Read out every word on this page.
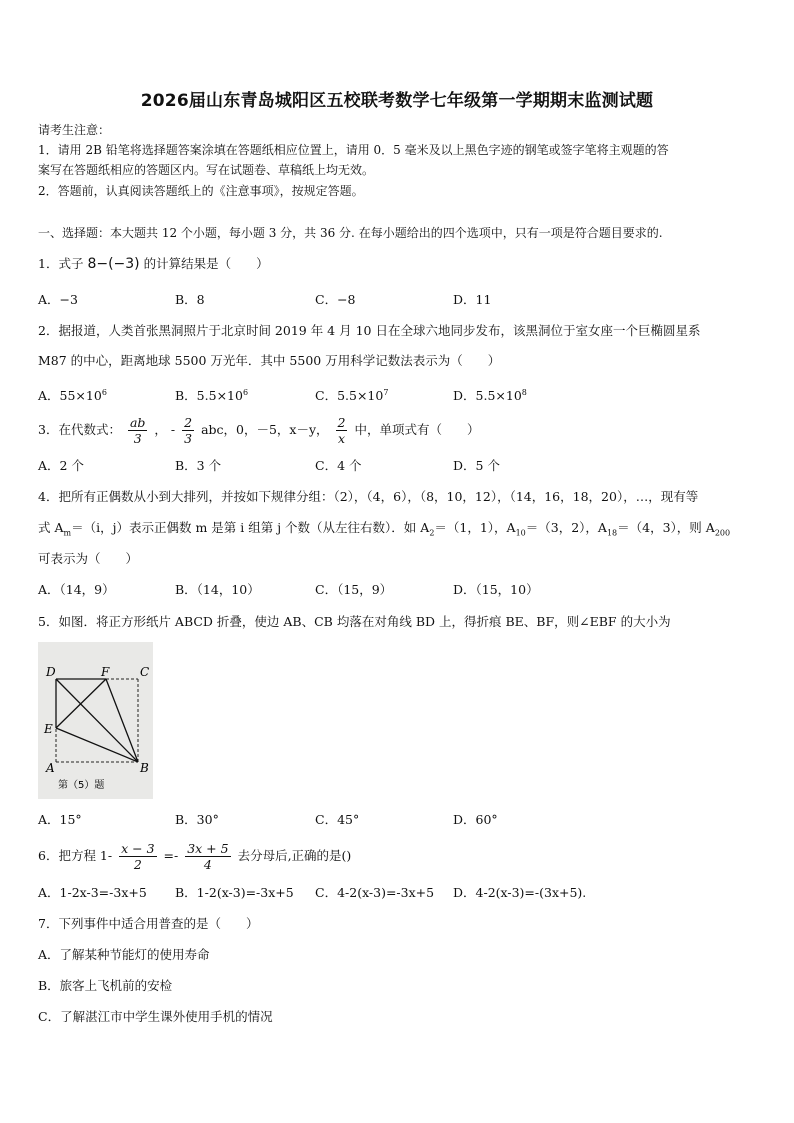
2026届山东青岛城阳区五校联考数学七年级第一学期期末监测试题
请考生注意：
1．请用 2B 铅笔将选择题答案涂填在答题纸相应位置上，请用 0．5 毫米及以上黑色字迹的钢笔或签字笔将主观题的答
案写在答题纸相应的答题区内。写在试题卷、草稿纸上均无效。
2．答题前，认真阅读答题纸上的《注意事项》，按规定答题。
一、选择题：本大题共 12 个小题，每小题 3 分，共 36 分. 在每小题给出的四个选项中，只有一项是符合题目要求的.
1．式子 8−(−3) 的计算结果是（　　）
A．−3	B．8	C．−8	D．11
2．据报道，人类首张黑洞照片于北京时间 2019 年 4 月 10 日在全球六地同步发布，该黑洞位于室女座一个巨椭圆星系
M87 的中心，距离地球 5500 万光年．其中 5500 万用科学记数法表示为（　　）
A．$55\times 10^6$	B．$5.5\times 10^6$	C．$5.5\times 10^7$	D．$5.5\times 10^8$
3．在代数式： $\frac{ab}{3}$ ， - $\frac{2}{3}$ abc，0，－5，x－y， $\frac{2}{x}$ 中，单项式有（　　）
A．2 个	B．3 个	C．4 个	D．5 个
4．把所有正偶数从小到大排列，并按如下规律分组：（2），（4，6），（8，10，12），（14，16，18，20），…，现有等
式 $A_m=(i$，j）表示正偶数 m 是第 i 组第 j 个数（从左往右数）．如 $A_2=(1$，1），$A_{10}=(3$，2），$A_{18}=(4$，3），则 $A_{200}$
可表示为（　　）
A．（14，9）	B．（14，10）	C．（15，9）	D．（15，10）
5．如图．将正方形纸片 ABCD 折叠，使边 AB、CB 均落在对角线 BD 上，得折痕 BE、BF，则∠EBF 的大小为
D	F	C
E
A	B
第（5）题
A．15°	B．30°	C．45°	D．60°
6．把方程 $1- \frac{x - 3}{2} =- \frac{3x + 5}{4}$ 去分母后,正确的是()
A．1-2x-3=-3x+5 B．1-2(x-3)=-3x+5 C．4-2(x-3)=-3x+5 D．4-2(x-3)=-(3x+5).
7．下列事件中适合用普查的是（　　）
A．了解某种节能灯的使用寿命
B．旅客上飞机前的安检
C．了解湛江市中学生课外使用手机的情况
